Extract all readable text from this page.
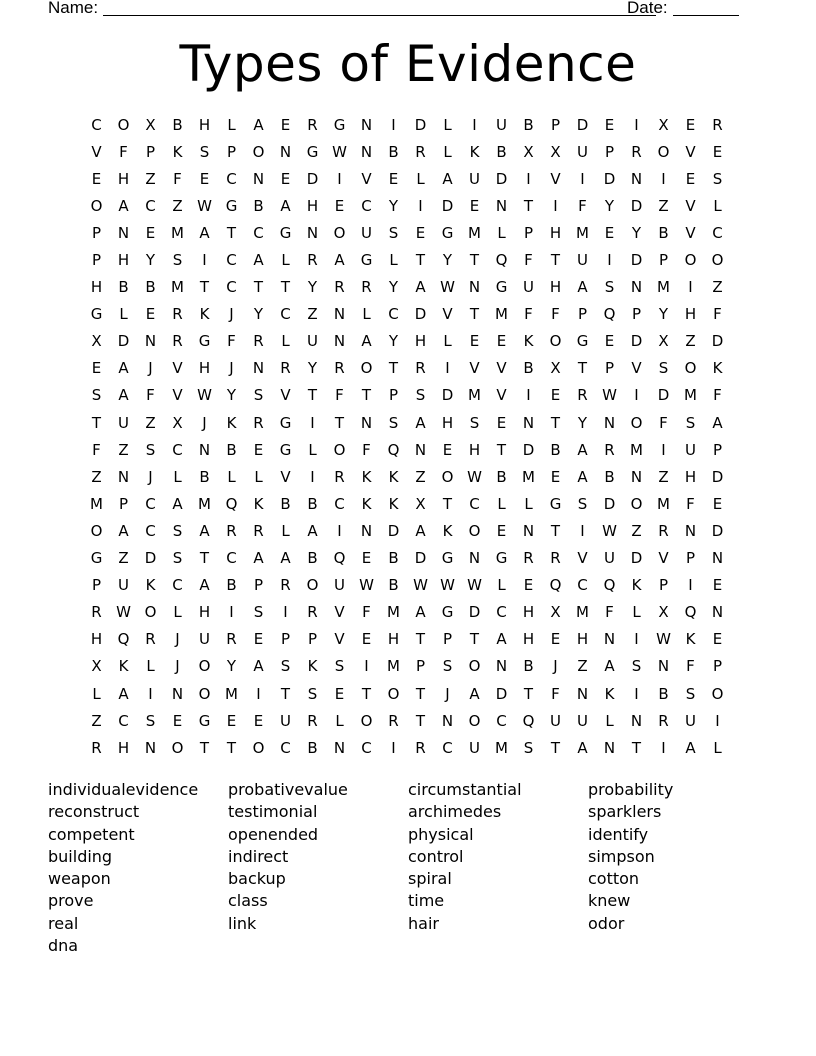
Name:	Date:
Types of Evidence
C	O	X	B	H	L	A	E	R	G	N	I	D	L	I	U	B	P	D	E	I	X	E	R
V	F	P	K	S	P	O	N	G W N	B	R	L	K	B	X	X	U	P	R	O	V	E
E	H	Z	F	E	C	N	E	D	I	V	E	L	A	U	D	I	V	I	D	N	I	E	S
O	A	C	Z W G	B	A	H	E	C	Y	I	D	E	N	T	I	F	Y	D	Z	V	L
P	N	E	M	A	T	C	G	N	O	U	S	E	G M	L	P	H M	E	Y	B	V	C
P	H	Y	S	I	C	A	L	R	A	G	L	T	Y	T	Q	F	T	U	I	D	P	O	O
H	B	B	M	T	C	T	T	Y	R	R	Y	A W N	G	U	H	A	S	N M	I	Z
G	L	E	R	K	J	Y	C	Z	N	L	C	D	V	T	M	F	F	P	Q	P	Y	H	F
X	D	N	R	G	F	R	L	U	N	A	Y	H	L	E	E	K	O	G	E	D	X	Z	D
E	A	J	V	H	J	N	R	Y	R	O	T	R	I	V	V	B	X	T	P	V	S	O	K
S	A	F	V W Y	S	V	T	F	T	P	S	D M	V	I	E	R W	I	D M	F
T	U	Z	X	J	K	R	G	I	T	N	S	A	H	S	E	N	T	Y	N	O	F	S	A
F	Z	S	C	N	B	E	G	L	O	F	Q	N	E	H	T	D	B	A	R	M	I	U	P
Z	N	J	L	B	L	L	V	I	R	K	K	Z	O W B	M	E	A	B	N	Z	H	D
M	P	C	A	M Q	K	B	B	C	K	K	X	T	C	L	L	G	S	D	O M	F	E
O	A	C	S	A	R	R	L	A	I	N	D	A	K	O	E	N	T	I	W Z	R	N	D
G	Z	D	S	T	C	A	A	B	Q	E	B	D	G	N	G	R	R	V	U	D	V	P	N
P	U	K	C	A	B	P	R	O	U W B W W W	L	E	Q	C	Q	K	P	I	E
R W O	L	H	I	S	I	R	V	F	M	A	G	D	C	H	X	M	F	L	X	Q	N
H	Q	R	J	U	R	E	P	P	V	E	H	T	P	T	A	H	E	H	N	I	W K	E
X	K	L	J	O	Y	A	S	K	S	I	M	P	S	O	N	B	J	Z	A	S	N	F	P
L	A	I	N	O M	I	T	S	E	T	O	T	J	A	D	T	F	N	K	I	B	S	O
Z	C	S	E	G	E	E	U	R	L	O	R	T	N	O	C	Q	U	U	L	N	R	U	I
R	H	N	O	T	T	O	C	B	N	C	I	R	C	U	M	S	T	A	N	T	I	A	L
individualevidence	probativevalue	circumstantial	probability
reconstruct	testimonial	archimedes	sparklers
competent	openended	physical	identify
building	indirect	control	simpson
weapon	backup	spiral	cotton
prove	class	time	knew
real	link	hair	odor
dna
